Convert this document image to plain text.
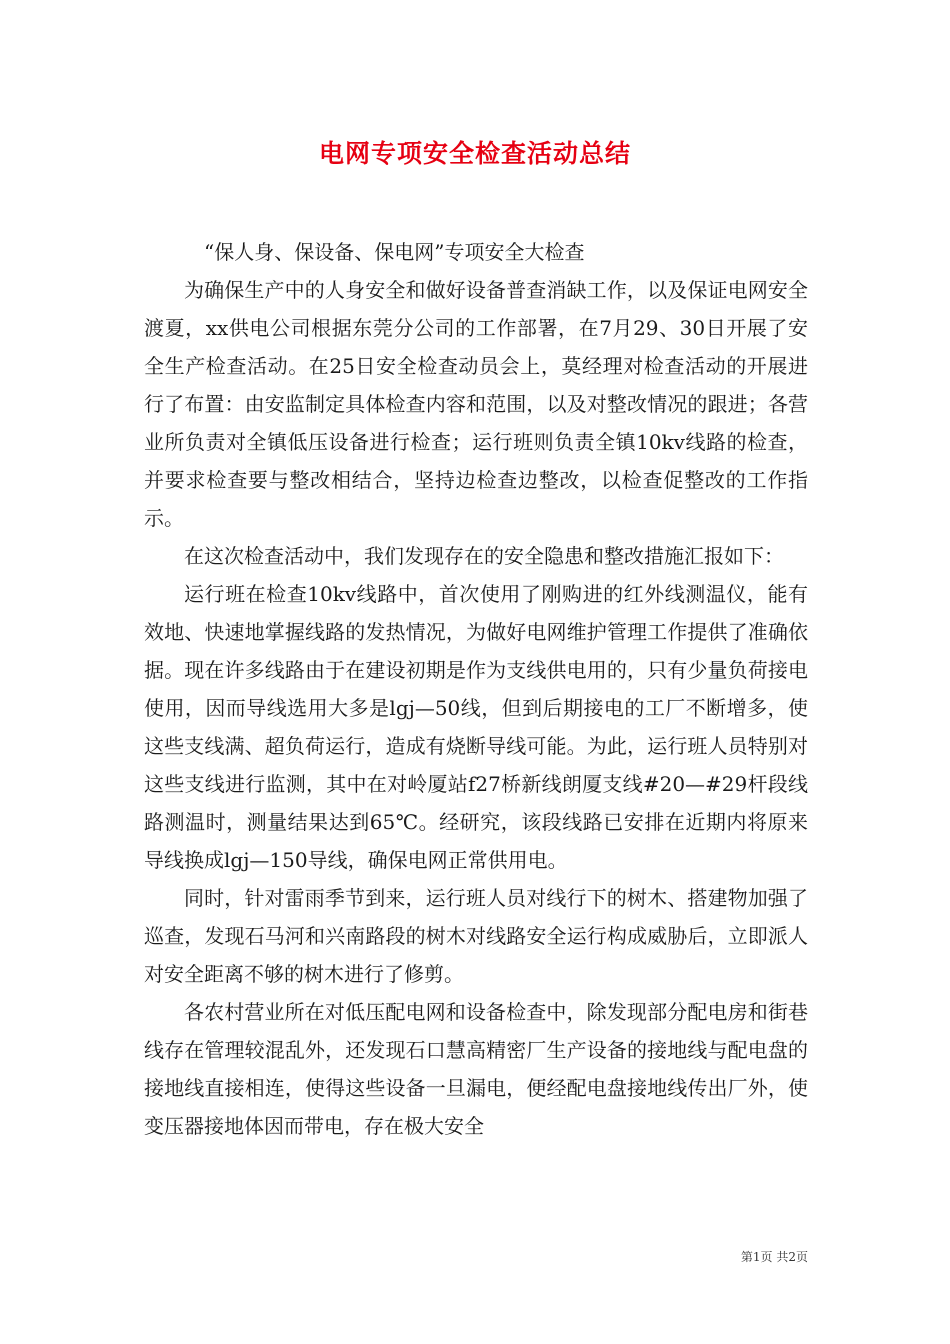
电网专项安全检查活动总结

“保人身、保设备、保电网”专项安全大检查

为确保生产中的人身安全和做好设备普查消缺工作，以及保证电网安全渡夏，xx供电公司根据东莞分公司的工作部署，在7月29、30日开展了安全生产检查活动。在25日安全检查动员会上，莫经理对检查活动的开展进行了布置：由安监制定具体检查内容和范围，以及对整改情况的跟进；各营业所负责对全镇低压设备进行检查；运行班则负责全镇10kv线路的检查，并要求检查要与整改相结合，坚持边检查边整改，以检查促整改的工作指示。

在这次检查活动中，我们发现存在的安全隐患和整改措施汇报如下：

运行班在检查10kv线路中，首次使用了刚购进的红外线测温仪，能有效地、快速地掌握线路的发热情况，为做好电网维护管理工作提供了准确依据。现在许多线路由于在建设初期是作为支线供电用的，只有少量负荷接电使用，因而导线选用大多是lgj—50线，但到后期接电的工厂不断增多，使这些支线满、超负荷运行，造成有烧断导线可能。为此，运行班人员特别对这些支线进行监测，其中在对岭厦站f27桥新线朗厦支线#20—#29杆段线路测温时，测量结果达到65℃。经研究，该段线路已安排在近期内将原来导线换成lgj—150导线，确保电网正常供用电。

同时，针对雷雨季节到来，运行班人员对线行下的树木、搭建物加强了巡查，发现石马河和兴南路段的树木对线路安全运行构成威胁后，立即派人对安全距离不够的树木进行了修剪。

各农村营业所在对低压配电网和设备检查中，除发现部分配电房和街巷线存在管理较混乱外，还发现石口慧高精密厂生产设备的接地线与配电盘的接地线直接相连，使得这些设备一旦漏电，便经配电盘接地线传出厂外，使变压器接地体因而带电，存在极大安全

第1页 共2页
